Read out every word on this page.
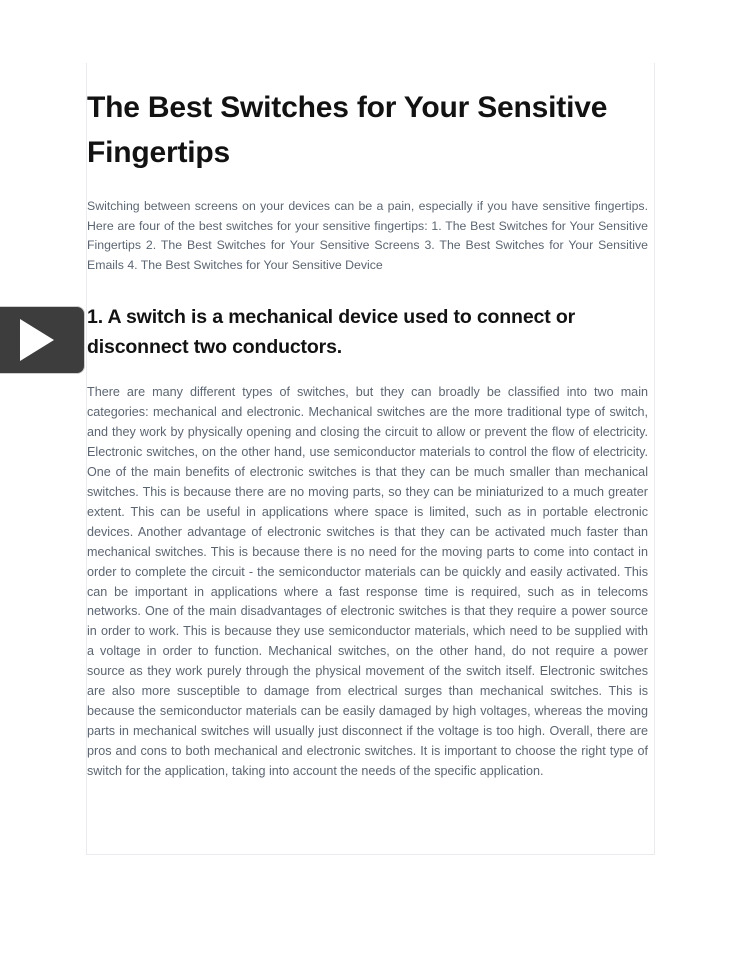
The Best Switches for Your Sensitive Fingertips

Switching between screens on your devices can be a pain, especially if you have sensitive fingertips. Here are four of the best switches for your sensitive fingertips: 1. The Best Switches for Your Sensitive Fingertips 2. The Best Switches for Your Sensitive Screens 3. The Best Switches for Your Sensitive Emails 4. The Best Switches for Your Sensitive Device

1. A switch is a mechanical device used to connect or disconnect two conductors.

There are many different types of switches, but they can broadly be classified into two main categories: mechanical and electronic. Mechanical switches are the more traditional type of switch, and they work by physically opening and closing the circuit to allow or prevent the flow of electricity. Electronic switches, on the other hand, use semiconductor materials to control the flow of electricity. One of the main benefits of electronic switches is that they can be much smaller than mechanical switches. This is because there are no moving parts, so they can be miniaturized to a much greater extent. This can be useful in applications where space is limited, such as in portable electronic devices. Another advantage of electronic switches is that they can be activated much faster than mechanical switches. This is because there is no need for the moving parts to come into contact in order to complete the circuit - the semiconductor materials can be quickly and easily activated. This can be important in applications where a fast response time is required, such as in telecoms networks. One of the main disadvantages of electronic switches is that they require a power source in order to work. This is because they use semiconductor materials, which need to be supplied with a voltage in order to function. Mechanical switches, on the other hand, do not require a power source as they work purely through the physical movement of the switch itself. Electronic switches are also more susceptible to damage from electrical surges than mechanical switches. This is because the semiconductor materials can be easily damaged by high voltages, whereas the moving parts in mechanical switches will usually just disconnect if the voltage is too high. Overall, there are pros and cons to both mechanical and electronic switches. It is important to choose the right type of switch for the application, taking into account the needs of the specific application.
